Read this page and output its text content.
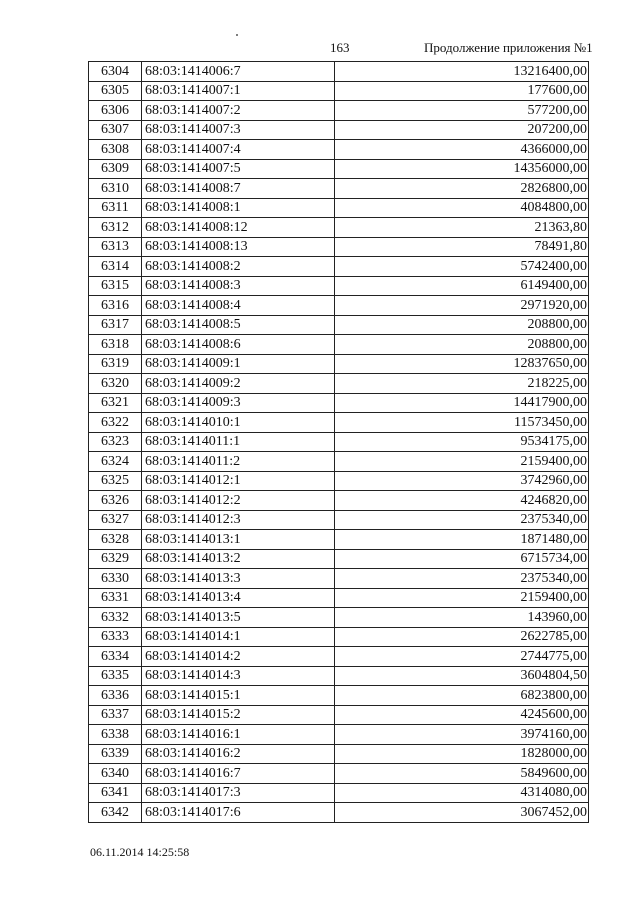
163	Продолжение приложения №1
6304	68:03:1414006:7	13216400,00
6305	68:03:1414007:1	177600,00
6306	68:03:1414007:2	577200,00
6307	68:03:1414007:3	207200,00
6308	68:03:1414007:4	4366000,00
6309	68:03:1414007:5	14356000,00
6310	68:03:1414008:7	2826800,00
6311	68:03:1414008:1	4084800,00
6312	68:03:1414008:12	21363,80
6313	68:03:1414008:13	78491,80
6314	68:03:1414008:2	5742400,00
6315	68:03:1414008:3	6149400,00
6316	68:03:1414008:4	2971920,00
6317	68:03:1414008:5	208800,00
6318	68:03:1414008:6	208800,00
6319	68:03:1414009:1	12837650,00
6320	68:03:1414009:2	218225,00
6321	68:03:1414009:3	14417900,00
6322	68:03:1414010:1	11573450,00
6323	68:03:1414011:1	9534175,00
6324	68:03:1414011:2	2159400,00
6325	68:03:1414012:1	3742960,00
6326	68:03:1414012:2	4246820,00
6327	68:03:1414012:3	2375340,00
6328	68:03:1414013:1	1871480,00
6329	68:03:1414013:2	6715734,00
6330	68:03:1414013:3	2375340,00
6331	68:03:1414013:4	2159400,00
6332	68:03:1414013:5	143960,00
6333	68:03:1414014:1	2622785,00
6334	68:03:1414014:2	2744775,00
6335	68:03:1414014:3	3604804,50
6336	68:03:1414015:1	6823800,00
6337	68:03:1414015:2	4245600,00
6338	68:03:1414016:1	3974160,00
6339	68:03:1414016:2	1828000,00
6340	68:03:1414016:7	5849600,00
6341	68:03:1414017:3	4314080,00
6342	68:03:1414017:6	3067452,00
06.11.2014 14:25:58
